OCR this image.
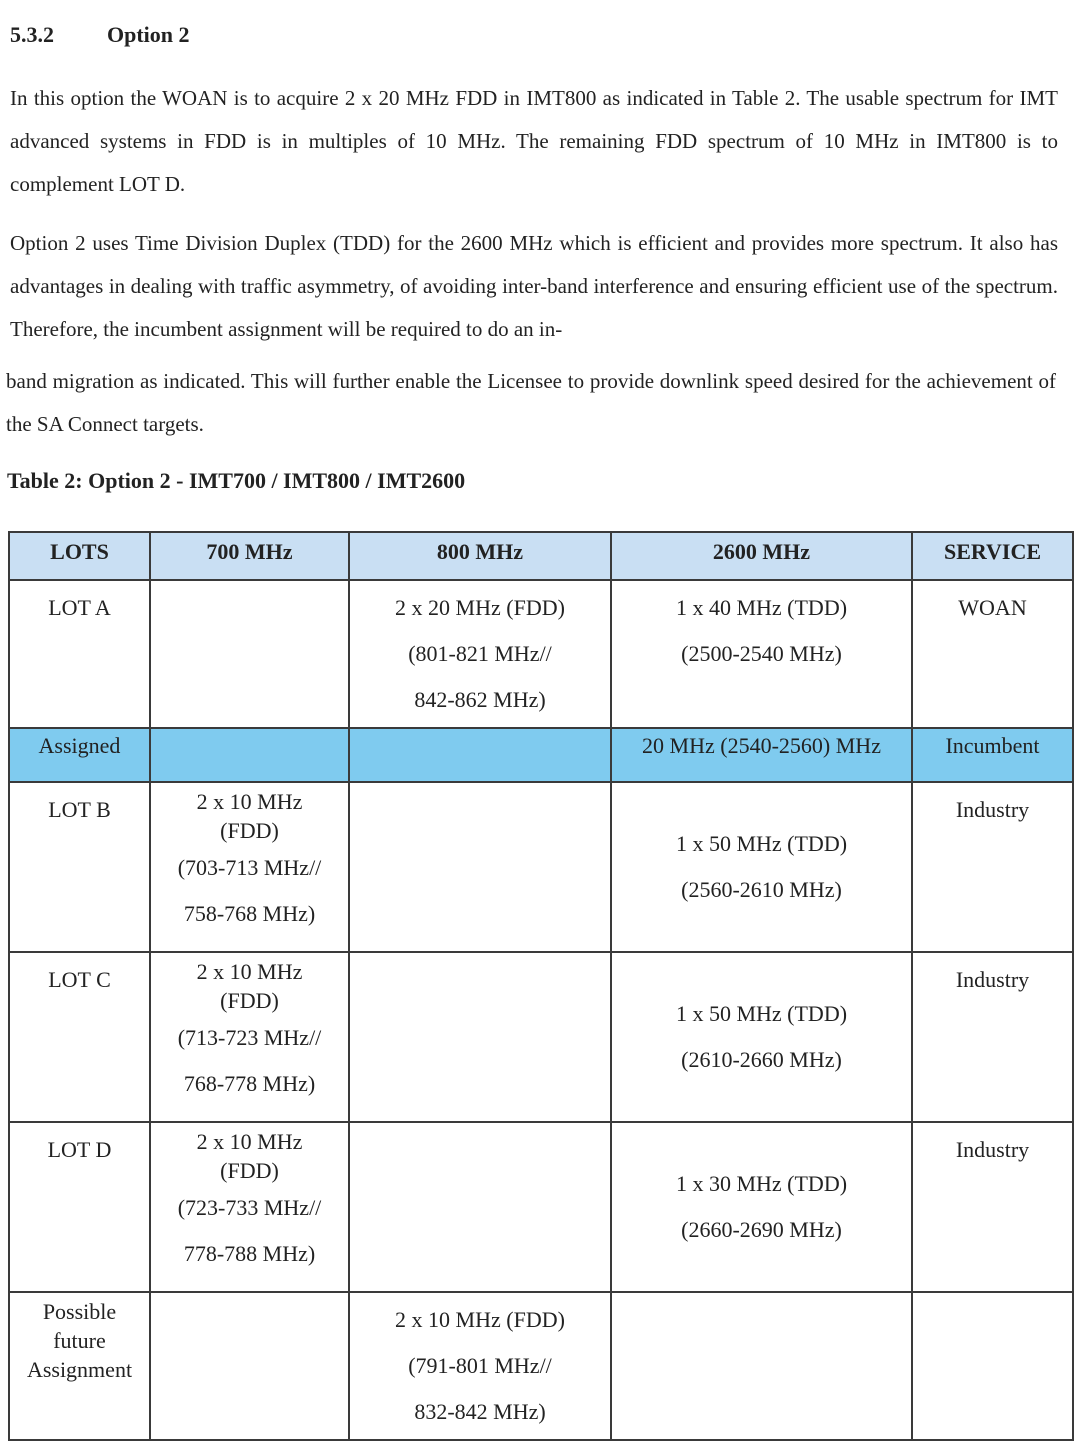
5.3.2 Option 2

In this option the WOAN is to acquire 2 x 20 MHz FDD in IMT800 as indicated in Table 2. The usable spectrum for IMT advanced systems in FDD is in multiples of 10 MHz. The remaining FDD spectrum of 10 MHz in IMT800 is to complement LOT D.

Option 2 uses Time Division Duplex (TDD) for the 2600 MHz which is efficient and provides more spectrum. It also has advantages in dealing with traffic asymmetry, of avoiding inter-band interference and ensuring efficient use of the spectrum. Therefore, the incumbent assignment will be required to do an in-

band migration as indicated. This will further enable the Licensee to provide downlink speed desired for the achievement of the SA Connect targets.

Table 2: Option 2 - IMT700 / IMT800 / IMT2600
LOTS	700 MHz	800 MHz	2600 MHz	SERVICE
LOT A		2 x 20 MHz (FDD)
(801-821 MHz//
842-862 MHz)	1 x 40 MHz (TDD)
(2500-2540 MHz)	WOAN
Assigned			20 MHz (2540-2560) MHz	Incumbent
LOT B	2 x 10 MHz
(FDD)
(703-713 MHz//
758-768 MHz)		1 x 50 MHz (TDD)
(2560-2610 MHz)	Industry
LOT C	2 x 10 MHz
(FDD)
(713-723 MHz//
768-778 MHz)		1 x 50 MHz (TDD)
(2610-2660 MHz)	Industry
LOT D	2 x 10 MHz
(FDD)
(723-733 MHz//
778-788 MHz)		1 x 30 MHz (TDD)
(2660-2690 MHz)	Industry

Possible
future
Assignment		2 x 10 MHz (FDD)
(791-801 MHz//
832-842 MHz)		
